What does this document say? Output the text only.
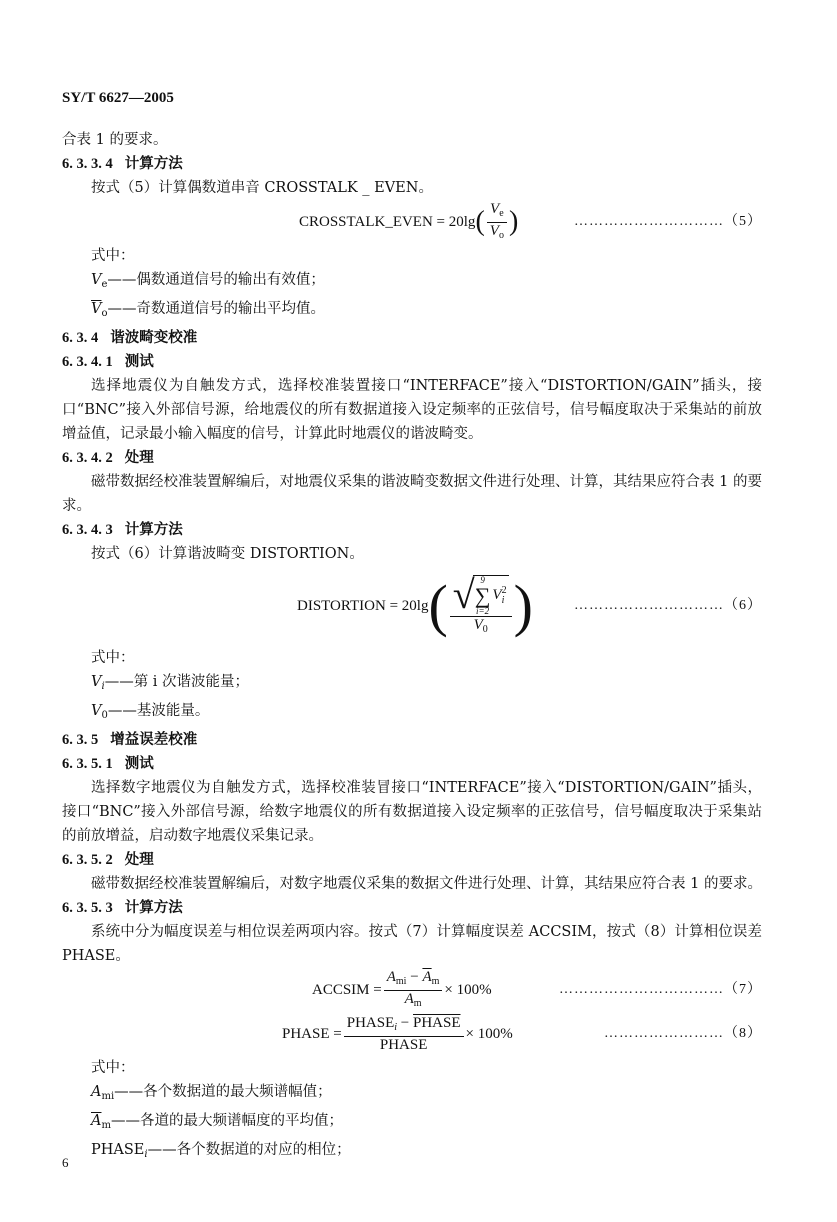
SY/T 6627—2005

合表 1 的要求。

6. 3. 3. 4 计算方法

按式（5）计算偶数道串音 CROSSTALK _ EVEN。

CROSSTALK_EVEN = 20lg ( $\frac{V_e}{\overline{V}_o}$ )	………………………… （5）

式中：

$V_e——$偶数通道信号的输出有效值；

$\overline{V}_o——$奇数通道信号的输出平均值。

6. 3. 4 谐波畸变校准

6. 3. 4. 1 测试

选择地震仪为自触发方式，选择校准装置接口“INTERFACE”接入“DISTORTION/GAIN”插头，接口“BNC”接入外部信号源，给地震仪的所有数据道接入设定频率的正弦信号，信号幅度取决于采集站的前放增益值，记录最小输入幅度的信号，计算此时地震仪的谐波畸变。

6. 3. 4. 2 处理

磁带数据经校准装置解编后，对地震仪采集的谐波畸变数据文件进行处理、计算，其结果应符合表 1 的要求。

6. 3. 4. 3 计算方法

按式（6）计算谐波畸变 DISTORTION。

DISTORTION = 20lg ( √ 9
∑
i=2
V 2
i
$V_0$ )	………………………… （6）

式中：

$V_i——$第 i 次谐波能量；

$V_0——$基波能量。

6. 3. 5 增益误差校准

6. 3. 5. 1 测试

选择数字地震仪为自触发方式，选择校准装冒接口“INTERFACE”接入“DISTORTION/GAIN”插头，接口“BNC”接入外部信号源，给数字地震仪的所有数据道接入设定频率的正弦信号，信号幅度取决于采集站的前放增益，启动数字地震仪采集记录。

6. 3. 5. 2 处理

磁带数据经校准装置解编后，对数字地震仪采集的数据文件进行处理、计算，其结果应符合表 1 的要求。

6. 3. 5. 3 计算方法

系统中分为幅度误差与相位误差两项内容。按式（7）计算幅度误差 ACCSIM，按式（8）计算相位误差 PHASE。

ACCSIM = $\frac{A_{mi} - \overline{A}_m}{\overline{A}_m} \times 100\%$	…………………………… （7）
PHASE = $\frac{PHASE_i - PHASE}{\text{PHASE}} \times 100\%$	…………………… （8）

式中：

$A_{mi}——$各个数据道的最大频谱幅值；

$\overline{A}_m——$各道的最大频谱幅度的平均值；

$PHASE_i——$各个数据道的对应的相位；

6
